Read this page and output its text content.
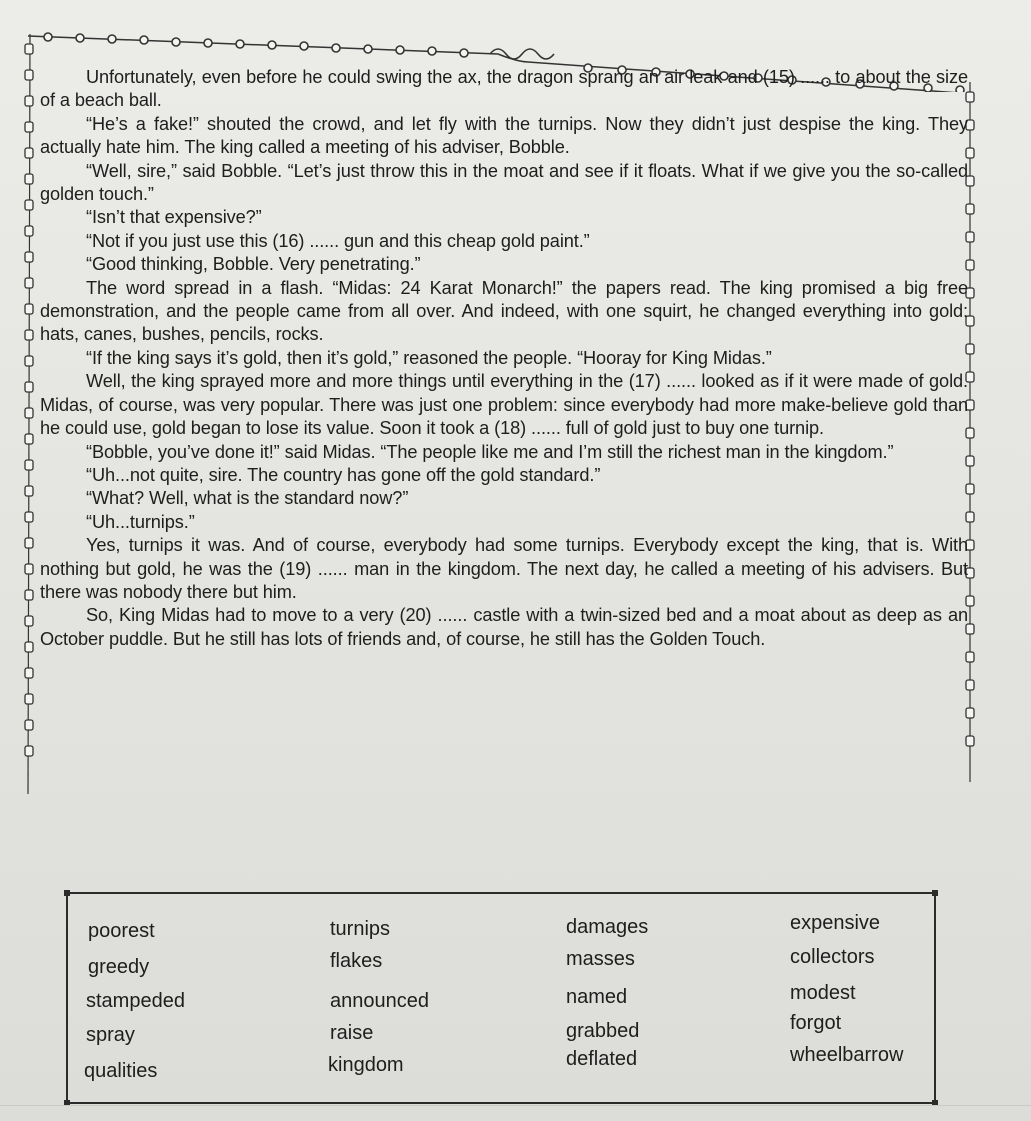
Unfortunately, even before he could swing the ax, the dragon sprang an air leak and (15) ...... to about the size of a beach ball.

“He’s a fake!” shouted the crowd, and let fly with the turnips. Now they didn’t just despise the king. They actually hate him. The king called a meeting of his adviser, Bobble.

“Well, sire,” said Bobble. “Let’s just throw this in the moat and see if it floats. What if we give you the so-called golden touch.”

“Isn’t that expensive?”

“Not if you just use this (16) ...... gun and this cheap gold paint.”

“Good thinking, Bobble. Very penetrating.”

The word spread in a flash. “Midas: 24 Karat Monarch!” the papers read. The king promised a big free demonstration, and the people came from all over. And indeed, with one squirt, he changed everything into gold: hats, canes, bushes, pencils, rocks.

“If the king says it’s gold, then it’s gold,” reasoned the people. “Hooray for King Midas.”

Well, the king sprayed more and more things until everything in the (17) ...... looked as if it were made of gold. Midas, of course, was very popular. There was just one problem: since everybody had more make-believe gold than he could use, gold began to lose its value. Soon it took a (18) ...... full of gold just to buy one turnip.

“Bobble, you’ve done it!” said Midas. “The people like me and I’m still the richest man in the kingdom.”

“Uh...not quite, sire. The country has gone off the gold standard.”

“What? Well, what is the standard now?”

“Uh...turnips.”

Yes, turnips it was. And of course, everybody had some turnips. Everybody except the king, that is. With nothing but gold, he was the (19) ...... man in the kingdom. The next day, he called a meeting of his advisers. But there was nobody there but him.

So, King Midas had to move to a very (20) ...... castle with a twin-sized bed and a moat about as deep as an October puddle. But he still has lots of friends and, of course, he still has the Golden Touch.

poorest
greedy
stampeded
spray
qualities
turnips
flakes
announced
raise
kingdom
damages
masses
named
grabbed
deflated
expensive
collectors
modest
forgot
wheelbarrow
